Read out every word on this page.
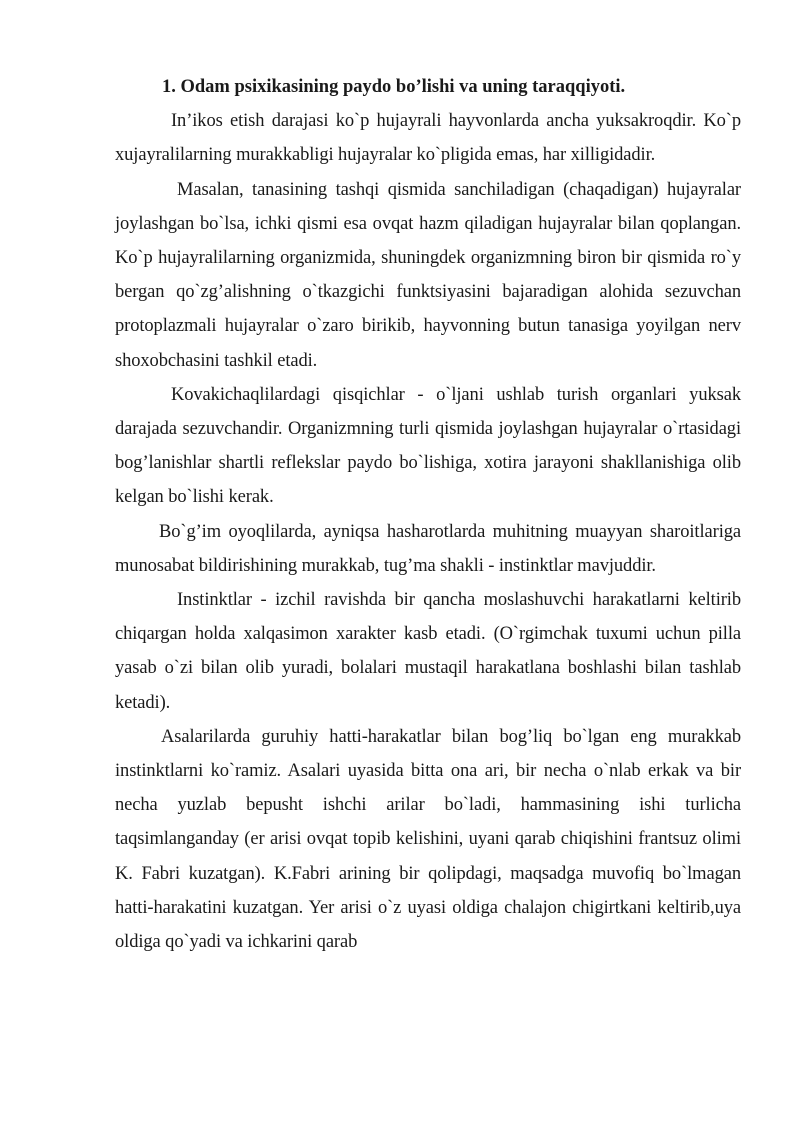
1. Odam psixikasining paydo bo’lishi va uning taraqqiyoti.

In’ikos etish darajasi ko`p hujayrali hayvonlarda ancha yuksakroqdir. Ko`p xujayralilarning murakkabligi hujayralar ko`pligida emas, har xilligidadir.

Masalan, tanasining tashqi qismida sanchiladigan (chaqadigan) hujayralar joylashgan bo`lsa, ichki qismi esa ovqat hazm qiladigan hujayralar bilan qoplangan. Ko`p hujayralilarning organizmida, shuningdek organizmning biron bir qismida ro`y bergan qo`zg’alishning o`tkazgichi funktsiyasini bajaradigan alohida sezuvchan protoplazmali hujayralar o`zaro birikib, hayvonning butun tanasiga yoyilgan nerv shoxobchasini tashkil etadi.

Kovakichaqlilardagi qisqichlar - o`ljani ushlab turish organlari yuksak darajada sezuvchandir. Organizmning turli qismida joylashgan hujayralar o`rtasidagi bog’lanishlar shartli reflekslar paydo bo`lishiga, xotira jarayoni shakllanishiga olib kelgan bo`lishi kerak.

Bo`g’im oyoqlilarda, ayniqsa hasharotlarda muhitning muayyan sharoitlariga munosabat bildirishining murakkab, tug’ma shakli - instinktlar mavjuddir.

Instinktlar - izchil ravishda bir qancha moslashuvchi harakatlarni keltirib chiqargan holda xalqasimon xarakter kasb etadi. (O`rgimchak tuxumi uchun pilla yasab o`zi bilan olib yuradi, bolalari mustaqil harakatlana boshlashi bilan tashlab ketadi).

Asalarilarda guruhiy hatti-harakatlar bilan bog’liq bo`lgan eng murakkab instinktlarni ko`ramiz. Asalari uyasida bitta ona ari, bir necha o`nlab erkak va bir necha yuzlab bepusht ishchi arilar bo`ladi, hammasining ishi turlicha taqsimlanganday (er arisi ovqat topib kelishini, uyani qarab chiqishini frantsuz olimi K. Fabri kuzatgan). K.Fabri arining bir qolipdagi, maqsadga muvofiq bo`lmagan hatti-harakatini kuzatgan. Yer arisi o`z uyasi oldiga chalajon chigirtkani keltirib,uya oldiga qo`yadi va ichkarini qarab
